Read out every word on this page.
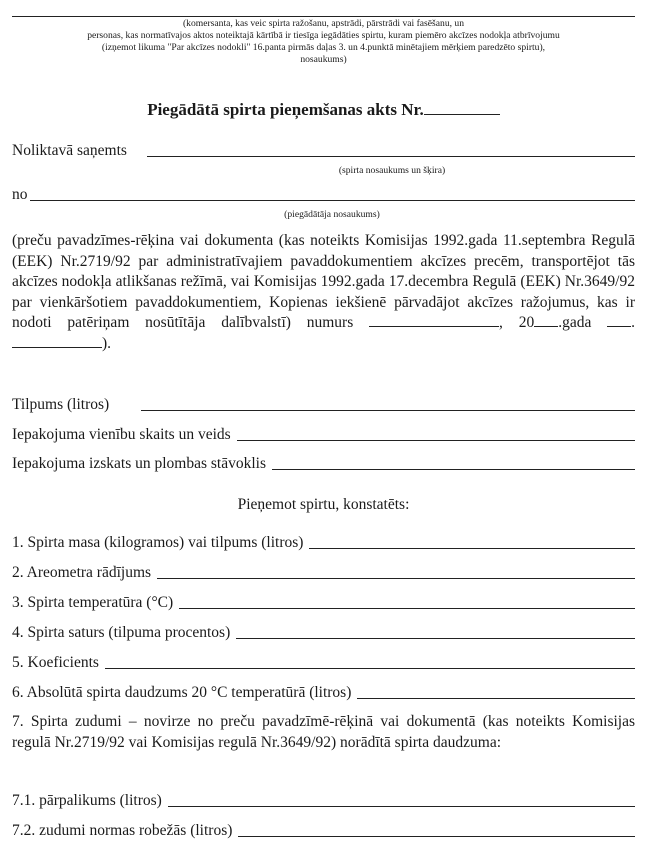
(komersanta, kas veic spirta ražošanu, apstrādi, pārstrādi vai fasēšanu, un
personas, kas normatīvajos aktos noteiktajā kārtībā ir tiesīga iegādāties spirtu, kuram piemēro akcīzes nodokļa atbrīvojumu
(izņemot likuma "Par akcīzes nodokli" 16.panta pirmās daļas 3. un 4.punktā minētajiem mērķiem paredzēto spirtu),
nosaukums)
Piegādātā spirta pieņemšanas akts Nr.
Noliktavā saņemts
(spirta nosaukums un šķira)
no
(piegādātāja nosaukums)
(preču pavadzīmes-rēķina vai dokumenta (kas noteikts Komisijas 1992.gada 11.septembra Regulā (EEK) Nr.2719/92 par administratīvajiem pavaddokumentiem akcīzes precēm, transportējot tās akcīzes nodokļa atlikšanas režīmā, vai Komisijas 1992.gada 17.decembra Regulā (EEK) Nr.3649/92 par vienkāršotiem pavaddokumentiem, Kopienas iekšienē pārvadājot akcīzes ražojumus, kas ir nodoti patēriņam nosūtītāja dalībvalstī) numurs	, 20 .gada	.).
Tilpums (litros)
Iepakojuma vienību skaits un veids
Iepakojuma izskats un plombas stāvoklis
Pieņemot spirtu, konstatēts:
1. Spirta masa (kilogramos) vai tilpums (litros)
2. Areometra rādījums
3. Spirta temperatūra (°C)
4. Spirta saturs (tilpuma procentos)
5. Koeficients
6. Absolūtā spirta daudzums 20 °C temperatūrā (litros)
7. Spirta zudumi – novirze no preču pavadzīmē-rēķinā vai dokumentā (kas noteikts Komisijas regulā Nr.2719/92 vai Komisijas regulā Nr.3649/92) norādītā spirta daudzuma:
7.1. pārpalikums (litros)
7.2. zudumi normas robežās (litros)
